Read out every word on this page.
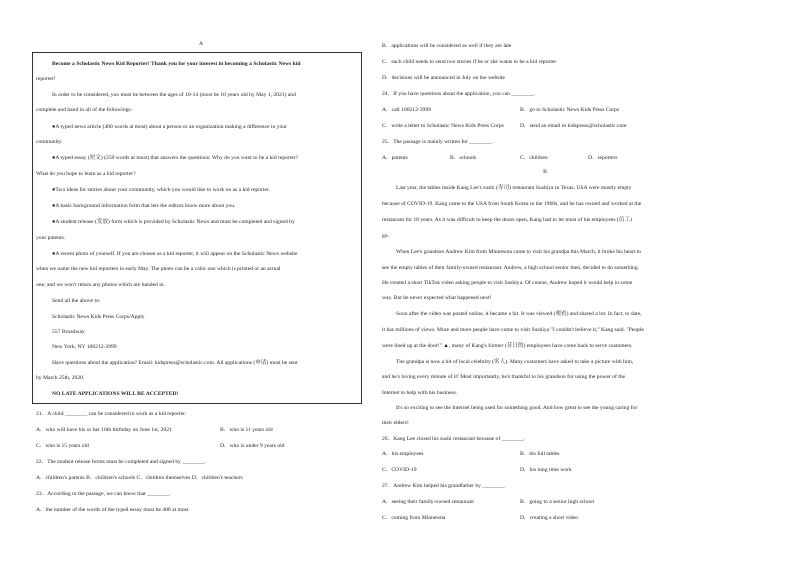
A
Become a Scholastic News Kid Reporter! Thank you for your interest in becoming a Scholastic News kid
reporter!
In order to be considered, you must be between the ages of 10-14 (must be 10 years old by May 1, 2021) and
complete and hand in all of the followings:
●A typed news article (400 words at most) about a person or an organization making a difference in your
community.
●A typed essay (短文) (250 words at most) that answers the questions: Why do you want to be a kid reporter?
What do you hope to learn as a kid reporter?
●Two ideas for stories about your community, which you would like to work on as a kid reporter.
●A basic background information form that lets the editors know more about you.
●A student release (发放) form which is provided by Scholastic News and must be completed and signed by
your parents.
●A recent photo of yourself. If you are chosen as a kid reporter, it will appear on the Scholastic News website
when we name the new kid reporters in early May. The photo can be a color one which is printed or an actual
one, and we won't return any photos which are handed in.
Send all the above to:
Scholastic News Kids Press Corps/Apply
557 Broadway
New York, NY 100212-3999
Have questions about the application? Email: kidspress@scholastic.com. All applications (申请) must be sent
by March 25th, 2020.
NO LATE APPLICATIONS WILL BE ACCEPTED!
21．A child ________ can be considered to work as a kid reporter.
A．who will have his or her 10th birthday on June 1st, 2021	B．who is 11 years old
C．who is 15 years old	D．who is under 9 years old
22．The student release forms must be completed and signed by ________.
A．children's parents B．children's schools C．children themselves D．children's teachers
23．According to the passage, we can know that ________.
A．the number of the words of the typed essay must be 400 at most
B．applications will be considered as well if they are late
C．each child needs to send two stories if he or she wants to be a kid reporter
D．decisions will be announced in July on the website
24．If you have questions about the application, you can ________.
A．call 100212-3999	B．go to Scholastic News Kids Press Corps
C．write a letter to Scholastic News Kids Press Corps	D．send an email to kidspress@scholastic.com
25．The passage is mainly written for ________.
A．parents	B．schools	C．children	D．reporters
B
Last year, the tables inside Kang Lee's sushi (寿司) restaurant Sushiya in Texas, USA were mostly empty
because of COVID-19. Kang came to the USA from South Korea in the 1960s, and he has owned and worked at the
restaurant for 18 years. As it was difficult to keep the doors open, Kang had to let most of his employees (员工)
go.
When Lee's grandson Andrew Kim from Minnesota came to visit his grandpa this March, it broke his heart to
see the empty tables of their family-owned restaurant. Andrew, a high school senior then, decided to do something.
He created a short TikTok video asking people to visit Sushiya. Of course, Andrew hoped it would help in some
way. But he never expected what happened next!
Soon after the video was posted online, it became a hit. It was viewed (观看) and shared a lot. In fact, to date,
it has millions of views. More and more people have come to visit Sushiya "I couldn't believe it," Kang said. "People
were lined up at the door!" ▲, many of Kang's former (昔日的) employees have come back to serve customers.
The grandpa is now a bit of local celebrity (名人). Many customers have asked to take a picture with him,
and he's loving every minute of it! Most importantly, he's thankful to his grandson for using the power of the
Internet to help with his business.
It's so exciting to see the Internet being used for something good. And how great to see the young caring for
their elders!
26．Kang Lee closed his sushi restaurant because of ________.
A．his employees	B．his full tables
C．COVID-19	D．his long time work
27．Andrew Kim helped his grandfather by ________.
A．seeing their family-owned restaurant	B．going to a senior high school
C．coming from Minnesota	D．creating a short video
